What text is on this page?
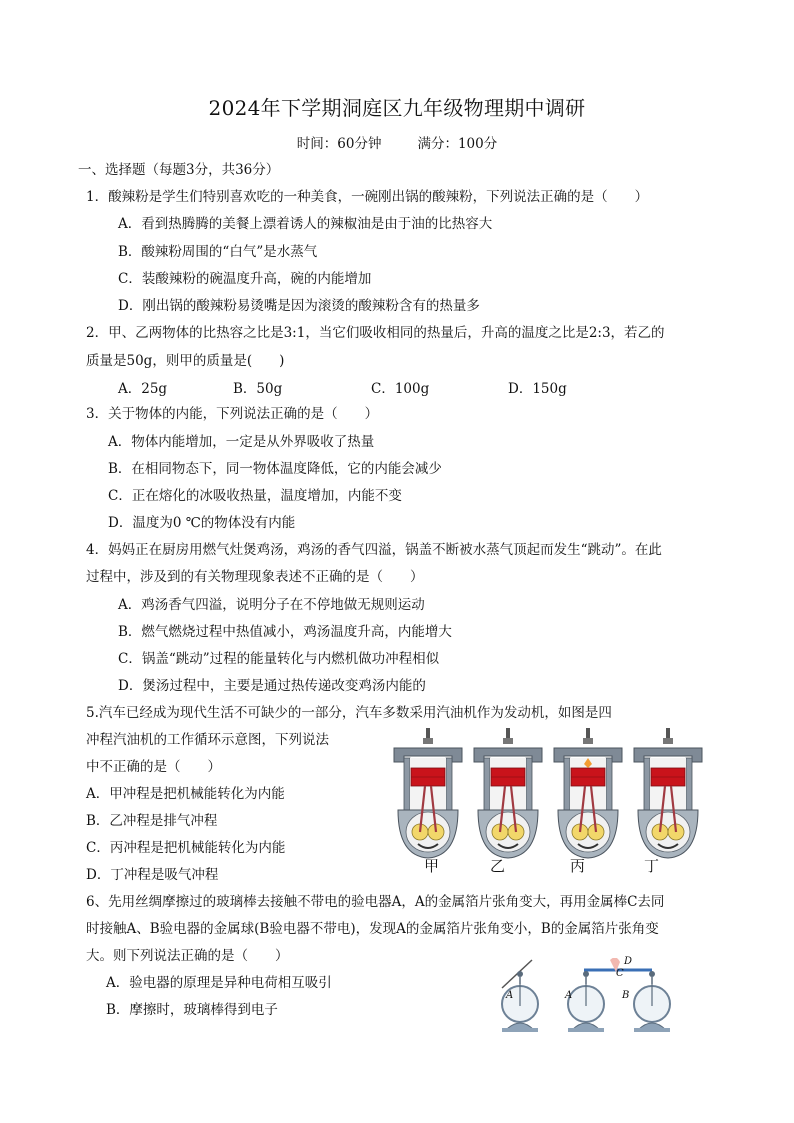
2024年下学期洞庭区九年级物理期中调研
时间：60分钟	满分：100分
一、选择题（每题3分，共36分）
1．酸辣粉是学生们特别喜欢吃的一种美食，一碗刚出锅的酸辣粉，下列说法正确的是（　　）
A．看到热腾腾的美餐上漂着诱人的辣椒油是由于油的比热容大
B．酸辣粉周围的“白气”是水蒸气
C．装酸辣粉的碗温度升高，碗的内能增加
D．刚出锅的酸辣粉易烫嘴是因为滚烫的酸辣粉含有的热量多
2．甲、乙两物体的比热容之比是3:1，当它们吸收相同的热量后，升高的温度之比是2:3，若乙的
质量是50g，则甲的质量是(　　)
A．25g	B．50g	C．100g	D．150g
3．关于物体的内能，下列说法正确的是（　　）
A．物体内能增加，一定是从外界吸收了热量
B．在相同物态下，同一物体温度降低，它的内能会减少
C．正在熔化的冰吸收热量，温度增加，内能不变
D．温度为0 ℃的物体没有内能
4．妈妈正在厨房用燃气灶煲鸡汤，鸡汤的香气四溢，锅盖不断被水蒸气顶起而发生“跳动”。在此
过程中，涉及到的有关物理现象表述不正确的是（　　）
A．鸡汤香气四溢，说明分子在不停地做无规则运动
B．燃气燃烧过程中热值减小，鸡汤温度升高，内能增大
C．锅盖“跳动”过程的能量转化与内燃机做功冲程相似
D．煲汤过程中，主要是通过热传递改变鸡汤内能的
5.汽车已经成为现代生活不可缺少的一部分，汽车多数采用汽油机作为发动机，如图是四
冲程汽油机的工作循环示意图，下列说法
中不正确的是（　　）
A．甲冲程是把机械能转化为内能
B．乙冲程是排气冲程
C．丙冲程是把机械能转化为内能
D．丁冲程是吸气冲程	甲	乙	丙	丁
6、先用丝绸摩擦过的玻璃棒去接触不带电的验电器A，A的金属箔片张角变大，再用金属棒C去同
时接触A、B验电器的金属球(B验电器不带电)，发现A的金属箔片张角变小，B的金属箔片张角变
大。则下列说法正确的是（　　）
A．验电器的原理是异种电荷相互吸引
B．摩擦时，玻璃棒得到电子
A	A
C
B
D
